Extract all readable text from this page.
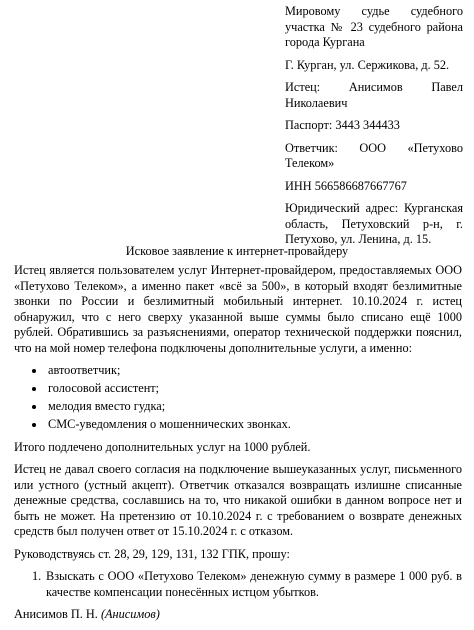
Мировому судье судебного участка № 23 судебного района города Кургана

Г. Курган, ул. Сержикова, д. 52.

Истец: Анисимов Павел Николаевич

Паспорт: 3443 344433

Ответчик: ООО «Петухово Телеком»

ИНН 566586687667767

Юридический адрес: Курганская область, Петуховский р-н, г. Петухово, ул. Ленина, д. 15.

Исковое заявление к интернет-провайдеру

Истец является пользователем услуг Интернет-провайдером, предоставляемых ООО «Петухово Телеком», а именно пакет «всё за 500», в который входят безлимитные звонки по России и безлимитный мобильный интернет. 10.10.2024 г. истец обнаружил, что с него сверху указанной выше суммы было списано ещё 1000 рублей. Обратившись за разъяснениями, оператор технической поддержки пояснил, что на мой номер телефона подключены дополнительные услуги, а именно:

автоответчик;
голосовой ассистент;
мелодия вместо гудка;
СМС-уведомления о мошеннических звонках.

Итого подлечено дополнительных услуг на 1000 рублей.

Истец не давал своего согласия на подключение вышеуказанных услуг, письменного или устного (устный акцепт). Ответчик отказался возвращать излишне списанные денежные средства, сославшись на то, что никакой ошибки в данном вопросе нет и быть не может. На претензию от 10.10.2024 г. с требованием о возврате денежных средств был получен ответ от 15.10.2024 г. с отказом.

Руководствуясь ст. 28, 29, 129, 131, 132 ГПК, прошу:

1. Взыскать с ООО «Петухово Телеком» денежную сумму в размере 1 000 руб. в качестве компенсации понесённых истцом убытков.

Анисимов П. Н. (Анисимов)
